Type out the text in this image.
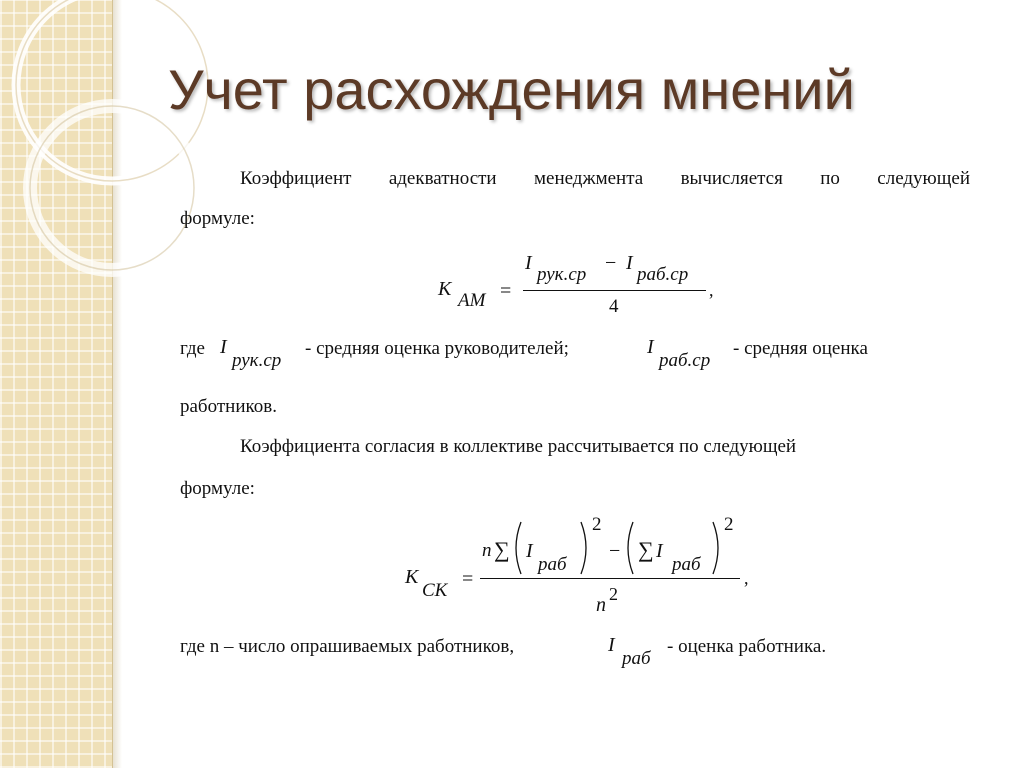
Учет расхождения мнений

Коэффициент адекватности менеджмента вычисляется по следующей

формуле:
К
АМ =
I
рук.ср
− I
раб.ср
4
,
где I
рук.ср
- средняя оценка руководителей;	I
раб.ср
- средняя оценка
работников.
Коэффициента согласия в коллективе рассчитывается по следующей
формуле:
К
СК
=
n ∑ I
раб
2
− ∑ I
раб
2
n 2
,
где n – число опрашиваемых работников,	I
раб
- оценка работника.
